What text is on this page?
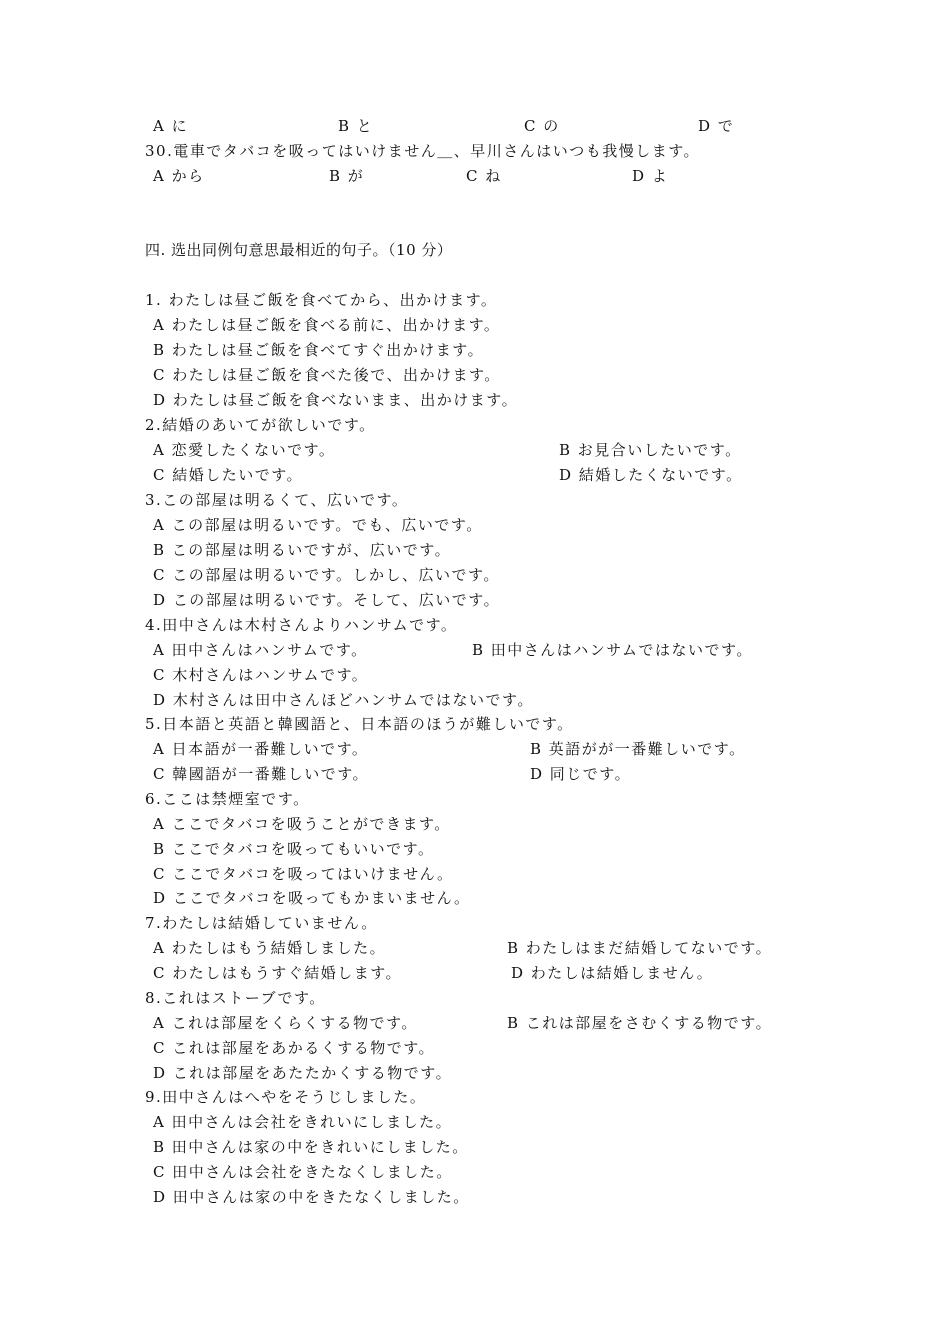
A に	B と	C の	D で
30.電車でタバコを吸ってはいけません＿、早川さんはいつも我慢します。
A から	B が	C ね	D よ
四. 选出同例句意思最相近的句子。（10 分）
1. わたしは昼ご飯を食べてから、出かけます。
A わたしは昼ご飯を食べる前に、出かけます。
B わたしは昼ご飯を食べてすぐ出かけます。
C わたしは昼ご飯を食べた後で、出かけます。
D わたしは昼ご飯を食べないまま、出かけます。
2.結婚のあいてが欲しいです。
A 恋愛したくないです。	B お見合いしたいです。
C 結婚したいです。	D 結婚したくないです。
3.この部屋は明るくて、広いです。
A この部屋は明るいです。でも、広いです。
B この部屋は明るいですが、広いです。
C この部屋は明るいです。しかし、広いです。
D この部屋は明るいです。そして、広いです。
4.田中さんは木村さんよりハンサムです。
A 田中さんはハンサムです。	B 田中さんはハンサムではないです。
C 木村さんはハンサムです。
D 木村さんは田中さんほどハンサムではないです。
5.日本語と英語と韓國語と、日本語のほうが難しいです。
A 日本語が一番難しいです。	B 英語がが一番難しいです。
C 韓國語が一番難しいです。	D 同じです。
6.ここは禁煙室です。
A ここでタバコを吸うことができます。
B ここでタバコを吸ってもいいです。
C ここでタバコを吸ってはいけません。
D ここでタバコを吸ってもかまいません。
7.わたしは結婚していません。
A わたしはもう結婚しました。	B わたしはまだ結婚してないです。
C わたしはもうすぐ結婚します。	D わたしは結婚しません。
8.これはストーブです。
A これは部屋をくらくする物です。	B これは部屋をさむくする物です。
C これは部屋をあかるくする物です。
D これは部屋をあたたかくする物です。
9.田中さんはへやをそうじしました。
A 田中さんは会社をきれいにしました。
B 田中さんは家の中をきれいにしました。
C 田中さんは会社をきたなくしました。
D 田中さんは家の中をきたなくしました。
